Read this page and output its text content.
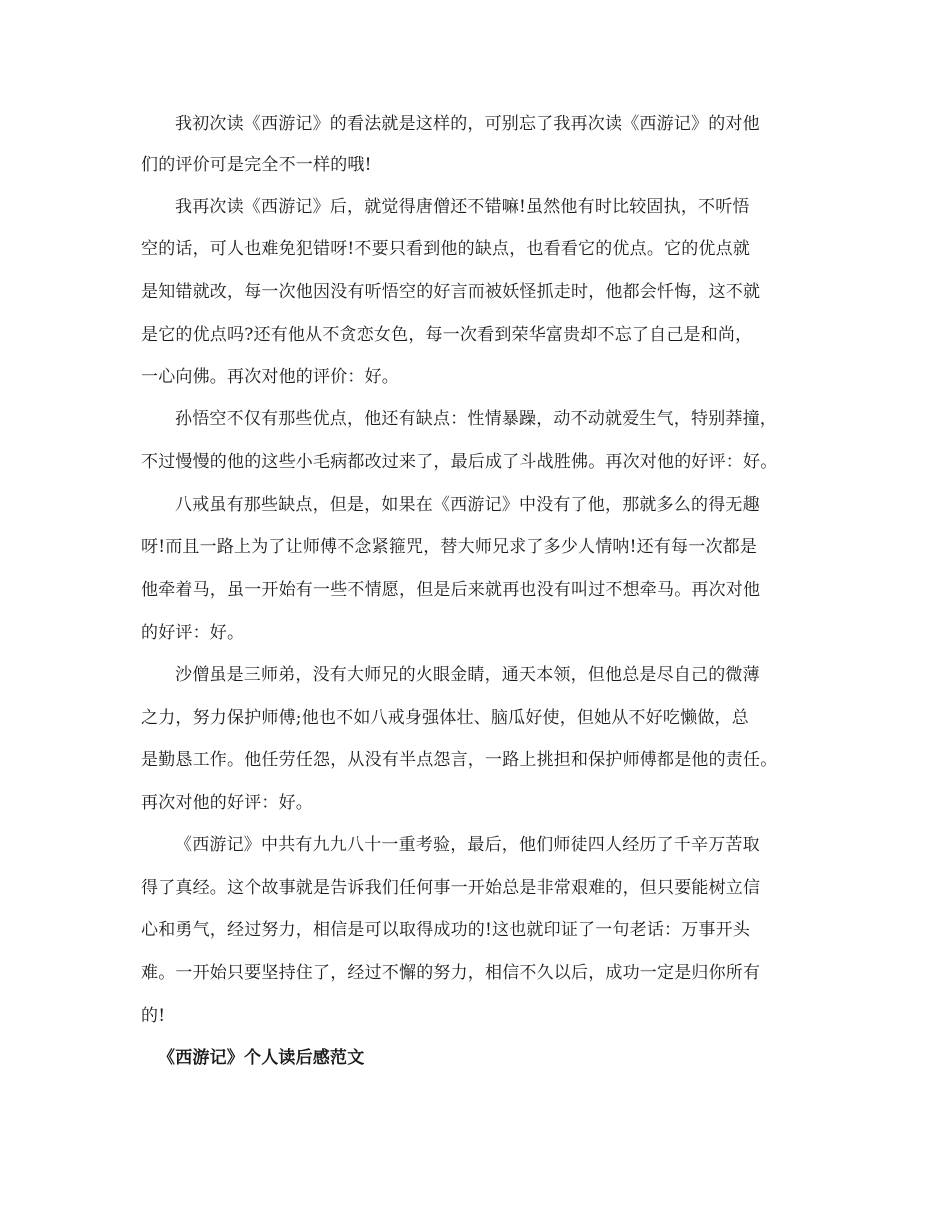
我初次读《西游记》的看法就是这样的，可别忘了我再次读《西游记》的对他
们的评价可是完全不一样的哦!
我再次读《西游记》后，就觉得唐僧还不错嘛!虽然他有时比较固执，不听悟
空的话，可人也难免犯错呀!不要只看到他的缺点，也看看它的优点。它的优点就
是知错就改，每一次他因没有听悟空的好言而被妖怪抓走时，他都会忏悔，这不就
是它的优点吗?还有他从不贪恋女色，每一次看到荣华富贵却不忘了自己是和尚，
一心向佛。再次对他的评价：好。
孙悟空不仅有那些优点，他还有缺点：性情暴躁，动不动就爱生气，特别莽撞，
不过慢慢的他的这些小毛病都改过来了，最后成了斗战胜佛。再次对他的好评：好。
八戒虽有那些缺点，但是，如果在《西游记》中没有了他，那就多么的得无趣
呀!而且一路上为了让师傅不念紧箍咒，替大师兄求了多少人情呐!还有每一次都是
他牵着马，虽一开始有一些不情愿，但是后来就再也没有叫过不想牵马。再次对他
的好评：好。
沙僧虽是三师弟，没有大师兄的火眼金睛，通天本领，但他总是尽自己的微薄
之力，努力保护师傅;他也不如八戒身强体壮、脑瓜好使，但她从不好吃懒做，总
是勤恳工作。他任劳任怨，从没有半点怨言，一路上挑担和保护师傅都是他的责任。
再次对他的好评：好。
《西游记》中共有九九八十一重考验，最后，他们师徒四人经历了千辛万苦取
得了真经。这个故事就是告诉我们任何事一开始总是非常艰难的，但只要能树立信
心和勇气，经过努力，相信是可以取得成功的!这也就印证了一句老话：万事开头
难。一开始只要坚持住了，经过不懈的努力，相信不久以后，成功一定是归你所有
的!
《西游记》个人读后感范文
